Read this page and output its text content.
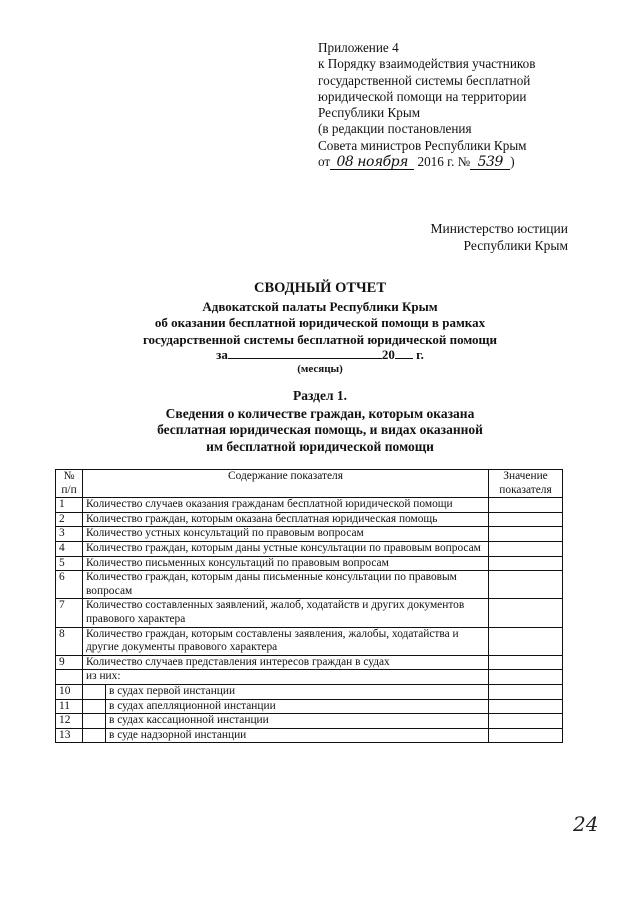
Приложение 4
к Порядку взаимодействия участников
государственной системы бесплатной
юридической помощи на территории
Республики Крым
(в редакции постановления
Совета министров Республики Крым
от 08 ноября 2016 г. № 539 )
Министерство юстиции
Республики Крым
СВОДНЫЙ ОТЧЕТ
Адвокатской палаты Республики Крым
об оказании бесплатной юридической помощи в рамках
государственной системы бесплатной юридической помощи
за	20 г.
(месяцы)
Раздел 1.
Сведения о количестве граждан, которым оказана
бесплатная юридическая помощь, и видах оказанной
им бесплатной юридической помощи
№
п/п	Содержание показателя		Значение
показателя
1	Количество случаев оказания гражданам бесплатной юридической помощи		
2	Количество граждан, которым оказана бесплатная юридическая помощь		
3	Количество устных консультаций по правовым вопросам		
4	Количество граждан, которым даны устные консультации по правовым вопросам		
5	Количество письменных консультаций по правовым вопросам		
6	Количество граждан, которым даны письменные консультации по правовым вопросам		
7	Количество составленных заявлений, жалоб, ходатайств и других документов правового характера		
8	Количество граждан, которым составлены заявления, жалобы, ходатайства и другие документы правового характера		
9	Количество случаев представления интересов граждан в судах		
	из них:		
10		в судах первой инстанции	
11		в судах апелляционной инстанции	
12		в судах кассационной инстанции	
13		в суде надзорной инстанции	
24
